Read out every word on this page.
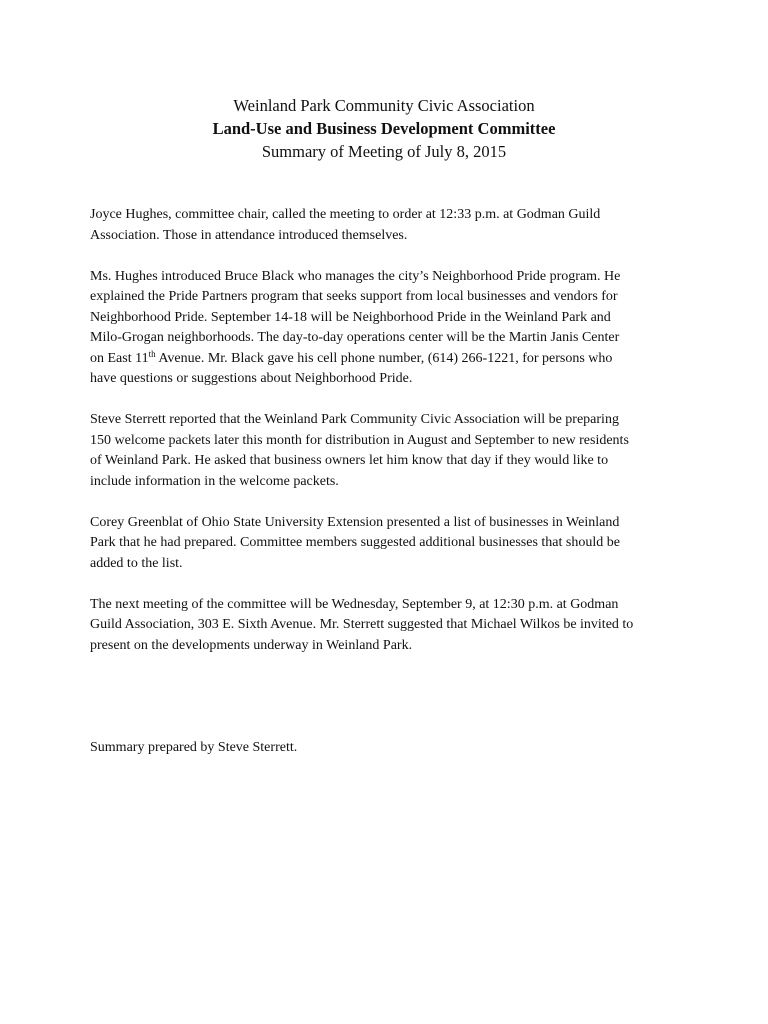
Weinland Park Community Civic Association
Land-Use and Business Development Committee
Summary of Meeting of July 8, 2015
Joyce Hughes, committee chair, called the meeting to order at 12:33 p.m. at Godman Guild
Association. Those in attendance introduced themselves.
Ms. Hughes introduced Bruce Black who manages the city’s Neighborhood Pride program. He
explained the Pride Partners program that seeks support from local businesses and vendors for
Neighborhood Pride. September 14-18 will be Neighborhood Pride in the Weinland Park and
Milo-Grogan neighborhoods. The day-to-day operations center will be the Martin Janis Center
on East 11th Avenue. Mr. Black gave his cell phone number, (614) 266-1221, for persons who
have questions or suggestions about Neighborhood Pride.
Steve Sterrett reported that the Weinland Park Community Civic Association will be preparing
150 welcome packets later this month for distribution in August and September to new residents
of Weinland Park. He asked that business owners let him know that day if they would like to
include information in the welcome packets.
Corey Greenblat of Ohio State University Extension presented a list of businesses in Weinland
Park that he had prepared. Committee members suggested additional businesses that should be
added to the list.
The next meeting of the committee will be Wednesday, September 9, at 12:30 p.m. at Godman
Guild Association, 303 E. Sixth Avenue. Mr. Sterrett suggested that Michael Wilkos be invited to
present on the developments underway in Weinland Park.
Summary prepared by Steve Sterrett.
